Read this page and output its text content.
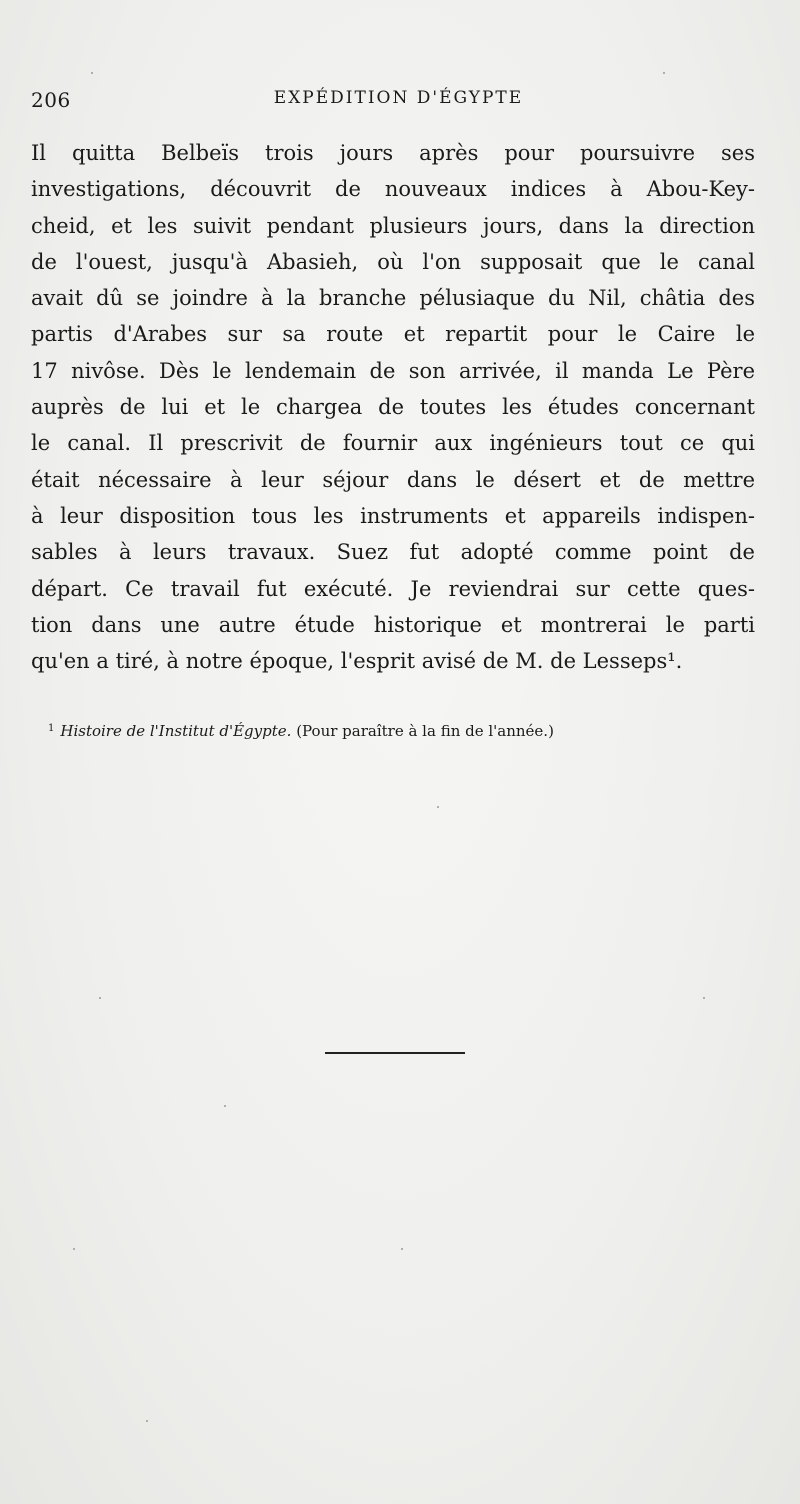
206	EXPÉDITION D'ÉGYPTE
Il quitta Belbeïs trois jours après pour poursuivre ses
investigations, découvrit de nouveaux indices à Abou-Key-
cheid, et les suivit pendant plusieurs jours, dans la direction
de l'ouest, jusqu'à Abasieh, où l'on supposait que le canal
avait dû se joindre à la branche pélusiaque du Nil, châtia des
partis d'Arabes sur sa route et repartit pour le Caire le
17 nivôse. Dès le lendemain de son arrivée, il manda Le Père
auprès de lui et le chargea de toutes les études concernant
le canal. Il prescrivit de fournir aux ingénieurs tout ce qui
était nécessaire à leur séjour dans le désert et de mettre
à leur disposition tous les instruments et appareils indispen-
sables à leurs travaux. Suez fut adopté comme point de
départ. Ce travail fut exécuté. Je reviendrai sur cette ques-
tion dans une autre étude historique et montrerai le parti
qu'en a tiré, à notre époque, l'esprit avisé de M. de Lesseps¹.
$^1$ Histoire de l'Institut d'Égypte. (Pour paraître à la fin de l'année.)
